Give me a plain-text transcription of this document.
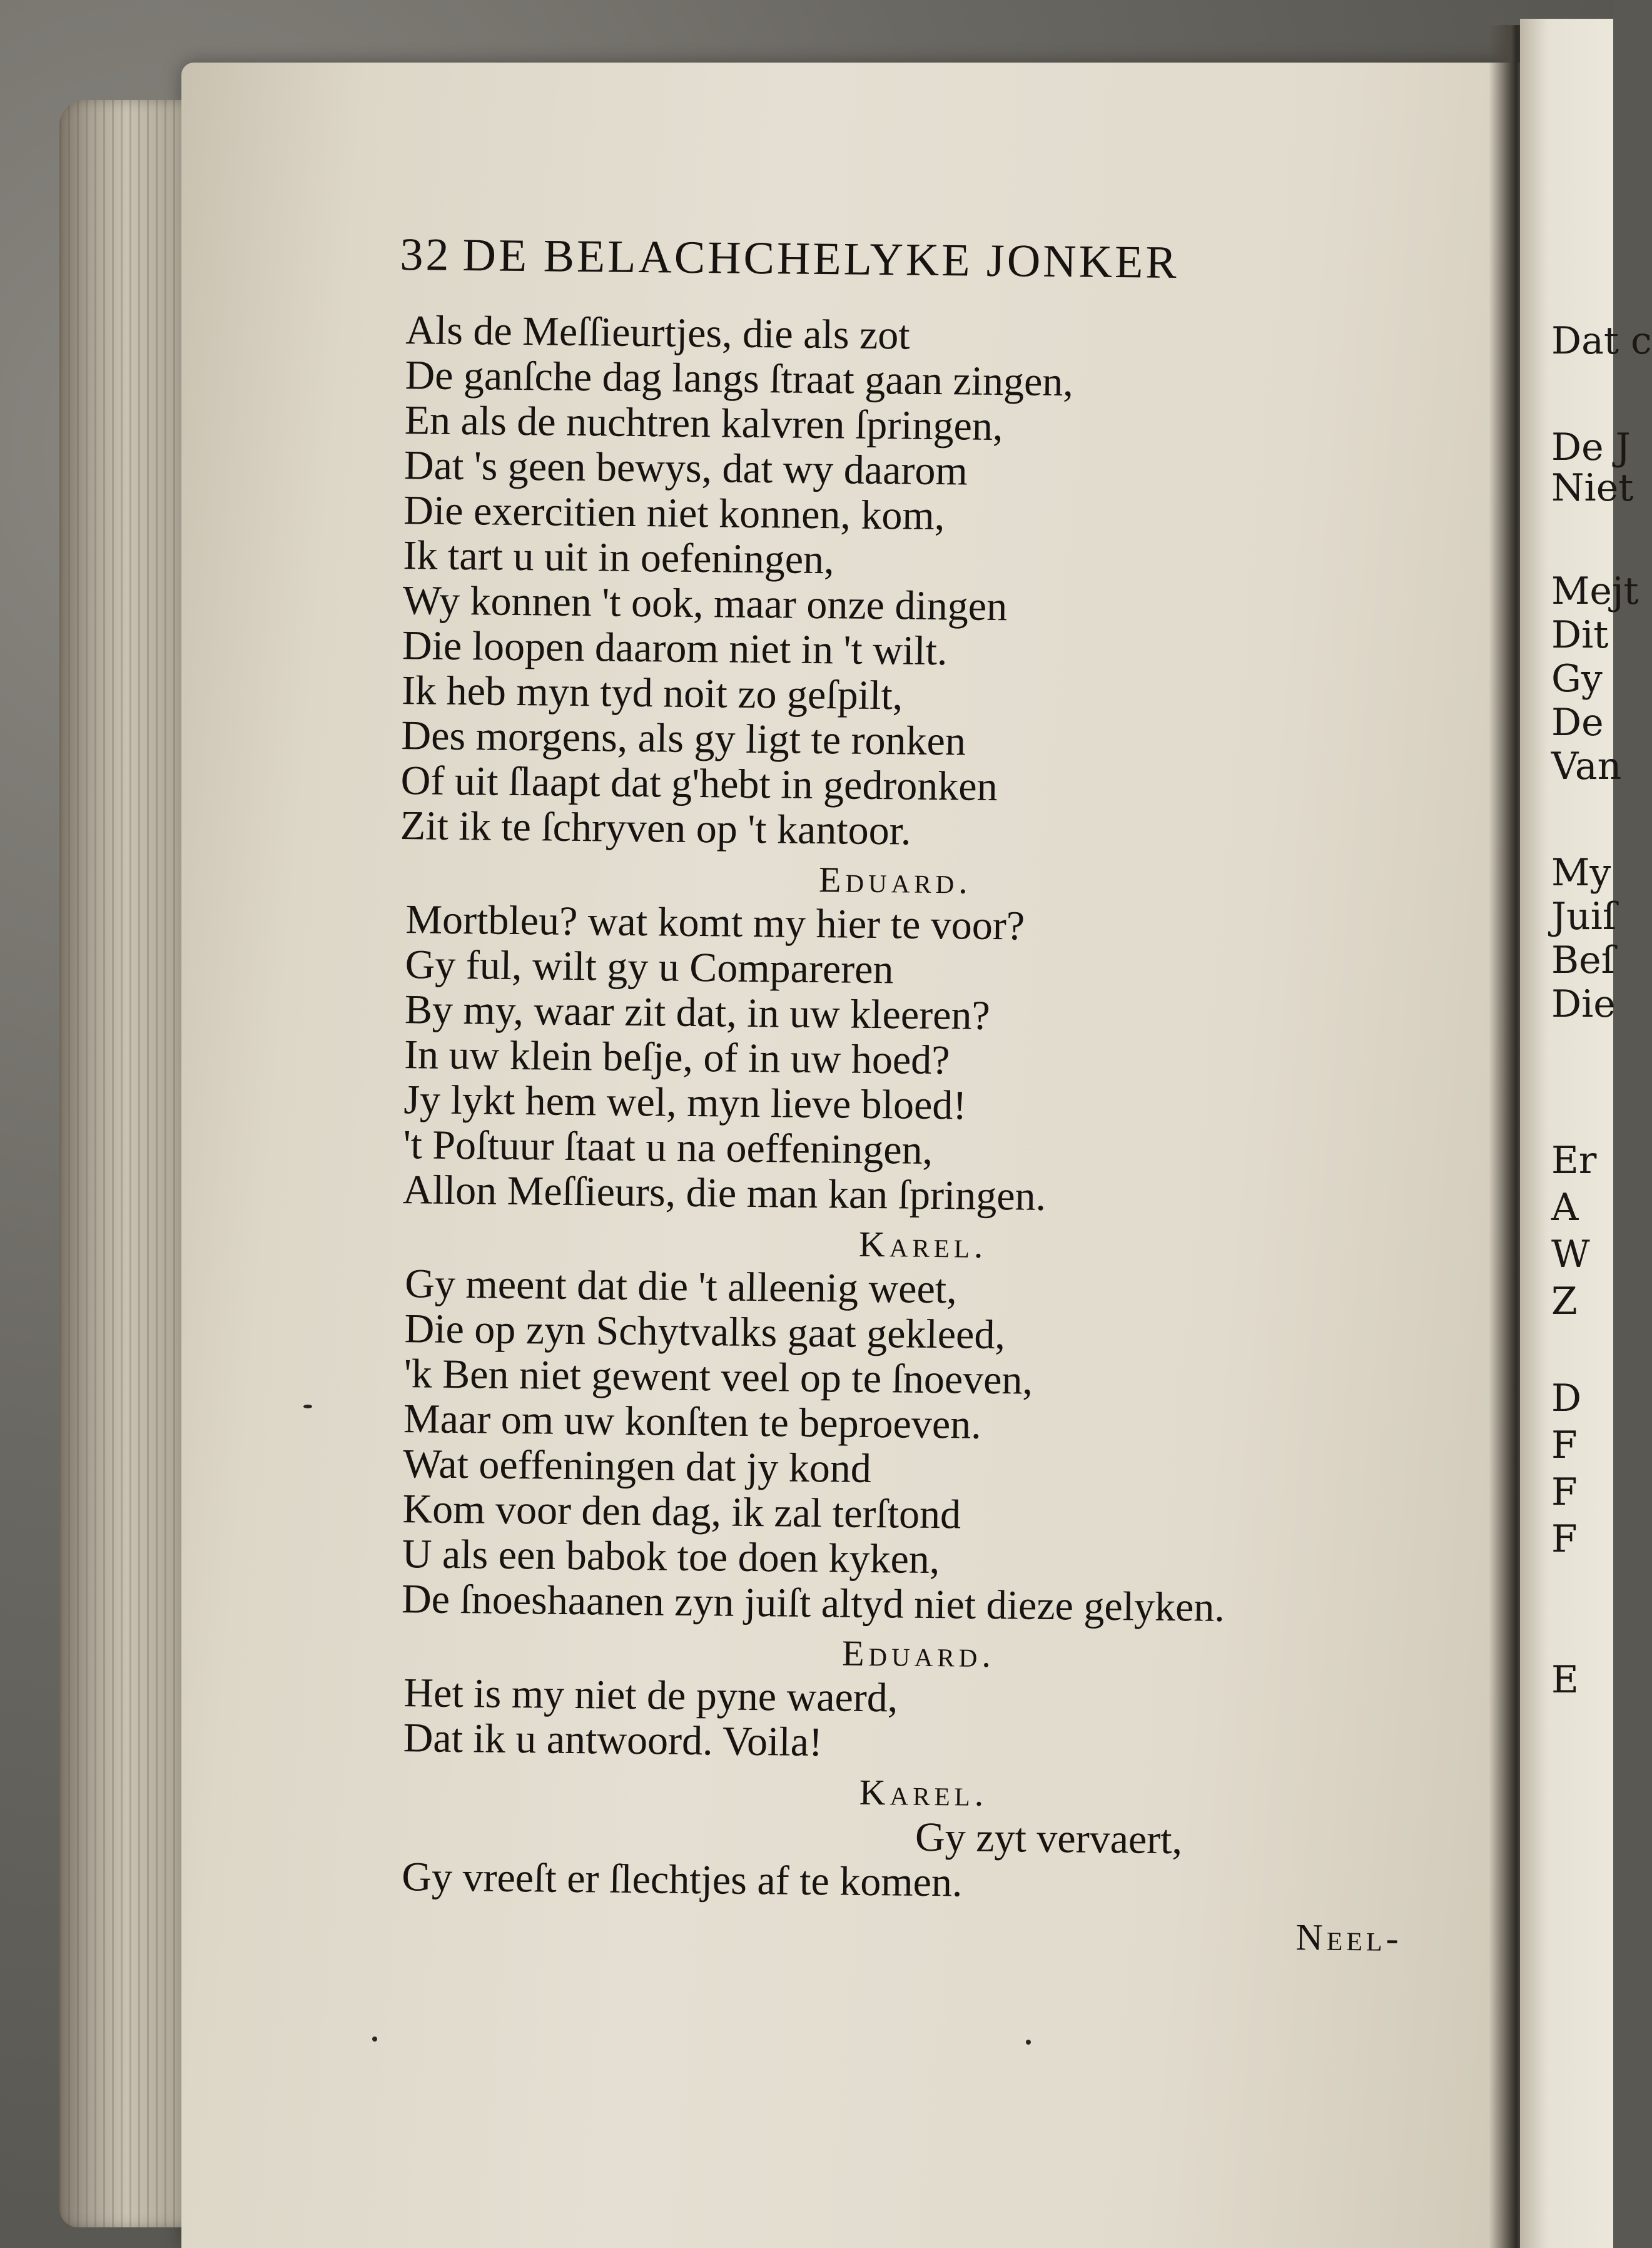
Dat c
De J
Niet
Mejt
Dit
Gy
De
Van
My
Juiſ
Beſ
Die
Er
A
W
Z
D
F
F
F
E
32 DE BELACHCHELYKE JONKER
Als de Meſſieurtjes, die als zot
De ganſche dag langs ſtraat gaan zingen,
En als de nuchtren kalvren ſpringen,
Dat 's geen bewys, dat wy daarom
Die exercitien niet konnen, kom,
Ik tart u uit in oefeningen,
Wy konnen 't ook, maar onze dingen
Die loopen daarom niet in 't wilt.
Ik heb myn tyd noit zo geſpilt,
Des morgens, als gy ligt te ronken
Of uit ſlaapt dat g'hebt in gedronken
Zit ik te ſchryven op 't kantoor.
Eduard.
Mortbleu? wat komt my hier te voor?
Gy ful, wilt gy u Compareren
By my, waar zit dat, in uw kleeren?
In uw klein beſje, of in uw hoed?
Jy lykt hem wel, myn lieve bloed!
't Poſtuur ſtaat u na oeffeningen,
Allon Meſſieurs, die man kan ſpringen.
Karel.
Gy meent dat die 't alleenig weet,
Die op zyn Schytvalks gaat gekleed,
'k Ben niet gewent veel op te ſnoeven,
Maar om uw konſten te beproeven.
Wat oeffeningen dat jy kond
Kom voor den dag, ik zal terſtond
U als een babok toe doen kyken,
De ſnoeshaanen zyn juiſt altyd niet dieze gelyken.
Eduard.
Het is my niet de pyne waerd,
Dat ik u antwoord. Voila!
Karel.
Gy zyt vervaert,
Gy vreeſt er ſlechtjes af te komen.
Neel-
